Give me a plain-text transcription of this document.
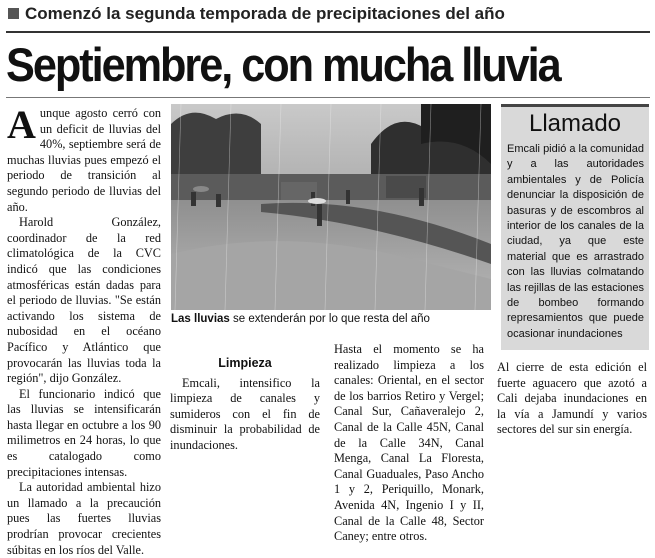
Comenzó la segunda temporada de precipitaciones del año
Septiembre, con mucha lluvia

Aunque agosto cerró con un deficit de lluvias del 40%, septiembre será de muchas lluvias pues empezó el periodo de transición al segundo periodo de lluvias del año.

Harold González, coordinador de la red climatológica de la CVC indicó que las condiciones atmosféricas están dadas para el periodo de lluvias. "Se están activando los sistema de nubosidad en el océano Pacífico y Atlántico que provocarán las lluvias toda la región", dijo González.

El funcionario indicó que las lluvias se intensificarán hasta llegar en octubre a los 90 milimetros en 24 horas, lo que es catalogado como precipitaciones intensas.

La autoridad ambiental hizo un llamado a la precaución pues las fuertes lluvias prodrían provocar crecientes súbitas en los ríos del Valle.

Las lluvias se extenderán por lo que resta del año
Llamado
Emcali pidió a la comunidad y a las autoridades ambientales y de Policía denunciar la disposición de basuras y de escombros al interior de los canales de la ciudad, ya que este material que es arrastrado con las lluvias colmatando las rejillas de las estaciones de bombeo formando represamientos que puede ocasionar inundaciones

Limpieza

Emcali, intensifico la limpieza de canales y sumideros con el fin de disminuir la probabilidad de inundaciones.

Hasta el momento se ha realizado limpieza a los canales: Oriental, en el sector de los barrios Retiro y Vergel; Canal Sur, Cañaveralejo 2, Canal de la Calle 45N, Canal de la Calle 34N, Canal Menga, Canal La Floresta, Canal Guaduales, Paso Ancho 1 y 2, Periquillo, Monark, Avenida 4N, Ingenio I y II, Canal de la Calle 48, Sector Caney; entre otros.

Al cierre de esta edición el fuerte aguacero que azotó a Cali dejaba inundaciones en la vía a Jamundí y varios sectores del sur sin energía.
